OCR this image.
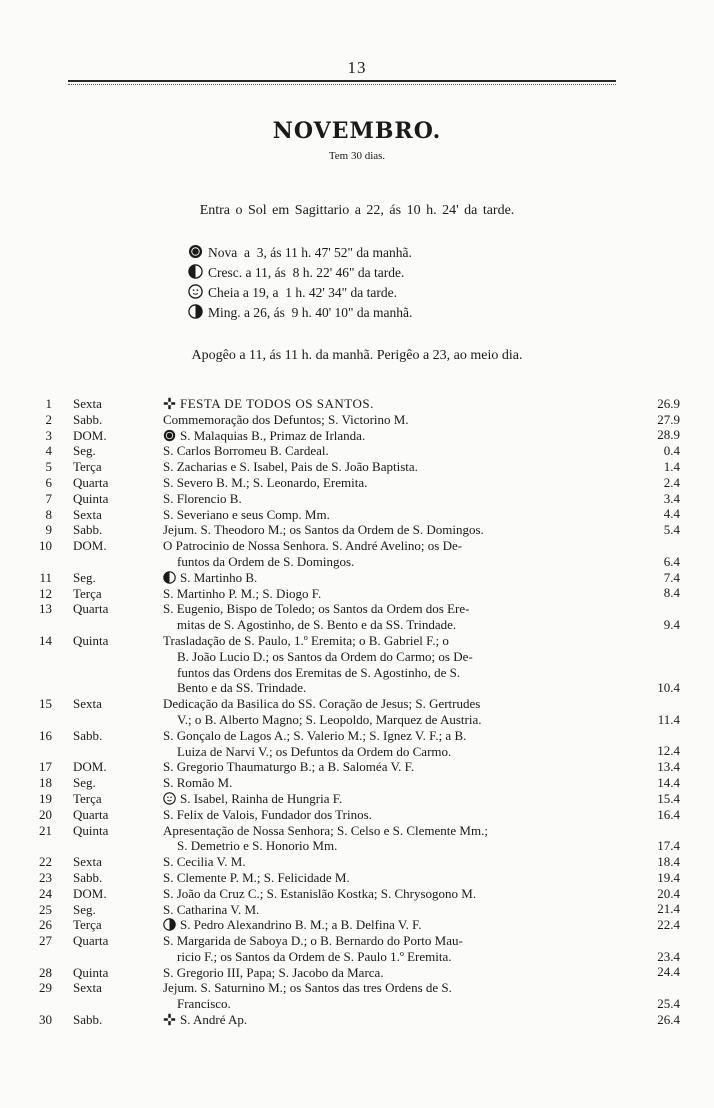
13
NOVEMBRO.
Tem 30 dias.
Entra o Sol em Sagittario a 22, ás 10 h. 24' da tarde.
Nova  a  3, ás 11 h. 47' 52" da manhã.
Cresc. a 11, ás  8 h. 22' 46" da tarde.
Cheia a 19, a  1 h. 42' 34" da tarde.
Ming. a 26, ás  9 h. 40' 10" da manhã.
Apogêo a 11, ás 11 h. da manhã. Perigêo a 23, ao meio dia.
1 Sexta	FESTA DE TODOS OS SANTOS.	26.9
2 Sabb.	Commemoração dos Defuntos; S. Victorino M.	27.9
3 DOM.	S. Malaquias B., Primaz de Irlanda.	28.9
4 Seg.	S. Carlos Borromeu B. Cardeal.	0.4
5 Terça	S. Zacharias e S. Isabel, Pais de S. João Baptista.	1.4
6 Quarta	S. Severo B. M.; S. Leonardo, Eremita.	2.4
7 Quinta	S. Florencio B.	3.4
8 Sexta	S. Severiano e seus Comp. Mm.	4.4
9 Sabb.	Jejum. S. Theodoro M.; os Santos da Ordem de S. Domingos.	5.4
10 DOM.	O Patrocinio de Nossa Senhora. S. André Avelino; os De-
funtos da Ordem de S. Domingos.	6.4
11 Seg.	S. Martinho B.	7.4
12 Terça	S. Martinho P. M.; S. Diogo F.	8.4
13 Quarta	S. Eugenio, Bispo de Toledo; os Santos da Ordem dos Ere-
mitas de S. Agostinho, de S. Bento e da SS. Trindade.	9.4
14 Quinta	Trasladação de S. Paulo, 1.º Eremita; o B. Gabriel F.; o
B. João Lucio D.; os Santos da Ordem do Carmo; os De-
funtos das Ordens dos Eremitas de S. Agostinho, de S.
Bento e da SS. Trindade.	10.4
15 Sexta	Dedicação da Basilica do SS. Coração de Jesus; S. Gertrudes
V.; o B. Alberto Magno; S. Leopoldo, Marquez de Austria.	11.4
16 Sabb.	S. Gonçalo de Lagos A.; S. Valerio M.; S. Ignez V. F.; a B.
Luiza de Narvi V.; os Defuntos da Ordem do Carmo.	12.4
17 DOM.	S. Gregorio Thaumaturgo B.; a B. Saloméa V. F.	13.4
18 Seg.	S. Romão M.	14.4
19 Terça	S. Isabel, Rainha de Hungria F.	15.4
20 Quarta	S. Felix de Valois, Fundador dos Trinos.	16.4
21 Quinta	Apresentação de Nossa Senhora; S. Celso e S. Clemente Mm.;
S. Demetrio e S. Honorio Mm.	17.4
22 Sexta	S. Cecilia V. M.	18.4
23 Sabb.	S. Clemente P. M.; S. Felicidade M.	19.4
24 DOM.	S. João da Cruz C.; S. Estanislão Kostka; S. Chrysogono M.	20.4
25 Seg.	S. Catharina V. M.	21.4
26 Terça	S. Pedro Alexandrino B. M.; a B. Delfina V. F.	22.4
27 Quarta	S. Margarida de Saboya D.; o B. Bernardo do Porto Mau-
ricio F.; os Santos da Ordem de S. Paulo 1.º Eremita.	23.4
28 Quinta	S. Gregorio III, Papa; S. Jacobo da Marca.	24.4
29 Sexta	Jejum. S. Saturnino M.; os Santos das tres Ordens de S.
Francisco.	25.4
30 Sabb.	S. André Ap.	26.4
